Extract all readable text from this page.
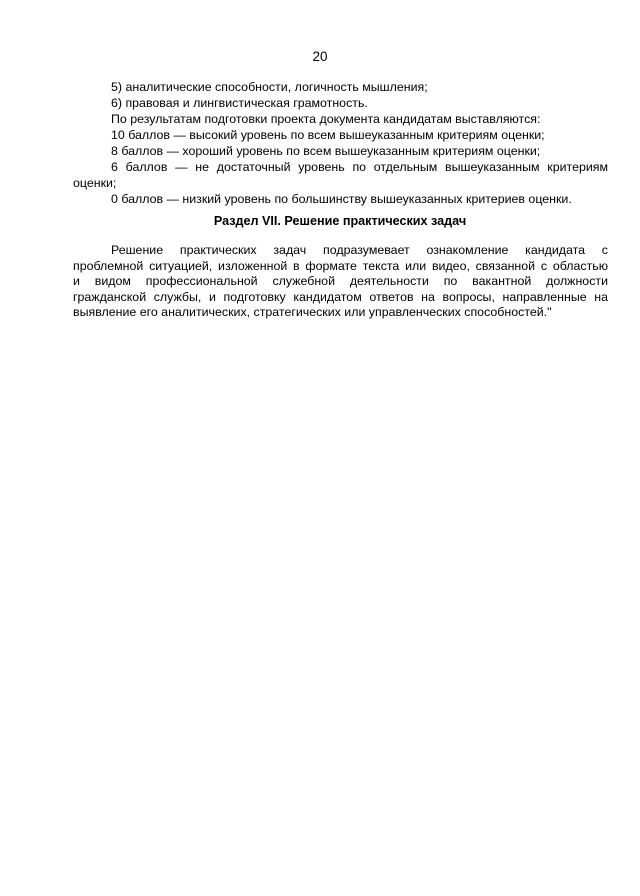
20

5) аналитические способности, логичность мышления;

6) правовая и лингвистическая грамотность.

По результатам подготовки проекта документа кандидатам выставляются:

10 баллов — высокий уровень по всем вышеуказанным критериям оценки;

8 баллов — хороший уровень по всем вышеуказанным критериям оценки;

6 баллов — не достаточный уровень по отдельным вышеуказанным критериям

оценки;

0 баллов — низкий уровень по большинству вышеуказанных критериев оценки.

Раздел VII. Решение практических задач

Решение практических задач подразумевает ознакомление кандидата с

проблемной ситуацией, изложенной в формате текста или видео, связанной с областью

и видом профессиональной служебной деятельности по вакантной должности

гражданской службы, и подготовку кандидатом ответов на вопросы, направленные на

выявление его аналитических, стратегических или управленческих способностей."
